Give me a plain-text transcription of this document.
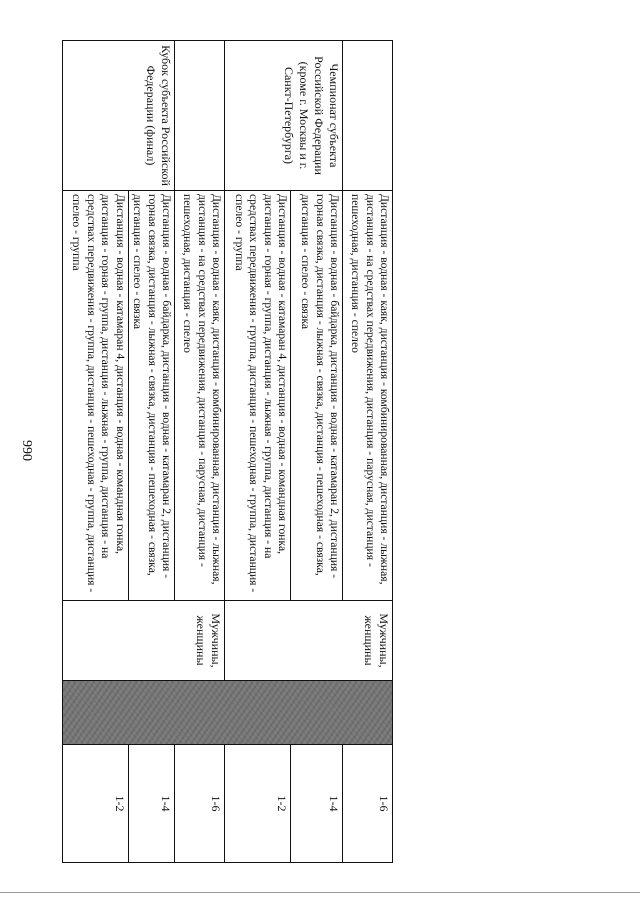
990
		Дистанция - водная - каяк, дистанция - комбинированная, дистанция - лыжная, дистанция - на средствах передвижения, дистанция - парусная, дистанция - пешеходная, дистанция - спелео	Мужчины, женщины		1-6
Чемпионат субъекта Российской Федерации (кроме г. Москвы и г. Санкт-Петербурга)	Дистанция - водная - байдарка, дистанция - водная - катамаран 2, дистанция - горная связка, дистанция - лыжная - связка, дистанция - пешеходная - связка, дистанция - спелео - связка			1-4
	Дистанция - водная - катамаран 4, дистанция - водная - командная гонка, дистанция - горная - группа, дистанция - лыжная - группа, дистанция - на средствах передвижения - группа, дистанция - пешеходная - группа, дистанция - спелео - группа			1-2
	Дистанция - водная - каяк, дистанция - комбинированная, дистанция - лыжная, дистанция - на средствах передвижения, дистанция - парусная, дистанция - пешеходная, дистанция - спелео	Мужчины, женщины		1-6
Кубок субъекта Российской Федерации (финал)	Дистанция - водная - байдарка, дистанция - водная - катамаран 2, дистанция - горная связка, дистанция - лыжная - связка, дистанция - пешеходная - связка, дистанция - спелео - связка			1-4
	Дистанция - водная - катамаран 4, дистанция - водная - командная гонка, дистанция - горная - группа, дистанция - лыжная - группа, дистанция - на средствах передвижения - группа, дистанция - пешеходная - группа, дистанция - спелео - группа			1-2
